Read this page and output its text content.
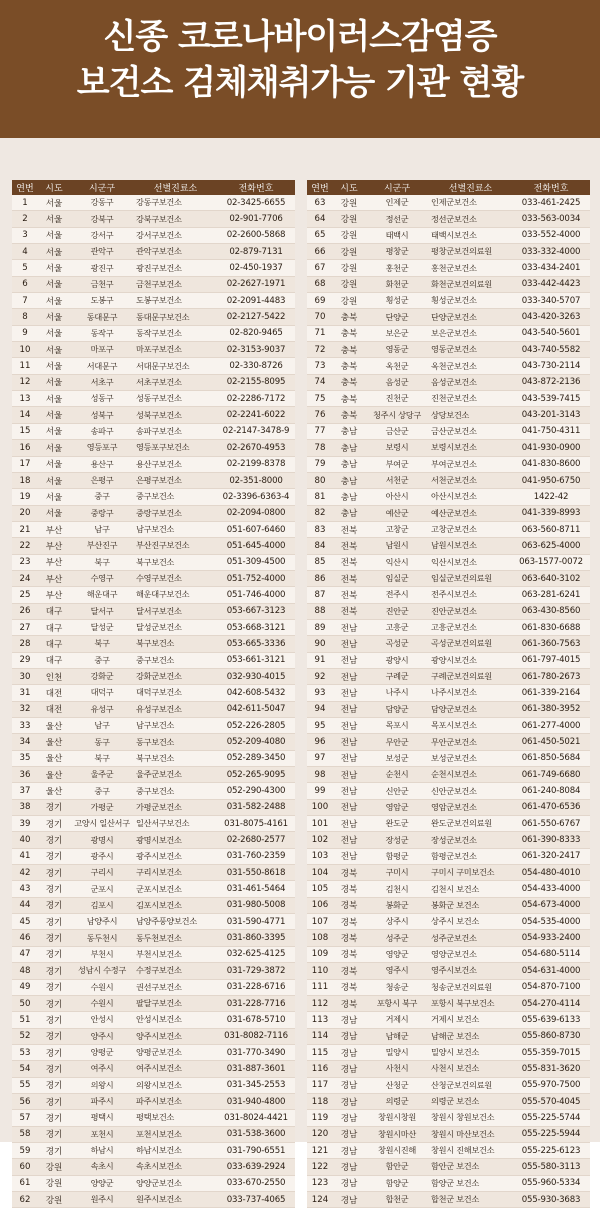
신종 코로나바이러스감염증
보건소 검체채취가능 기관 현황
연번	시도	시군구	선별진료소	전화번호
1	서울	강동구	강동구보건소	02-3425-6655
2	서울	강북구	강북구보건소	02-901-7706
3	서울	강서구	강서구보건소	02-2600-5868
4	서울	관악구	관악구보건소	02-879-7131
5	서울	광진구	광진구보건소	02-450-1937
6	서울	금천구	금천구보건소	02-2627-1971
7	서울	도봉구	도봉구보건소	02-2091-4483
8	서울	동대문구	동대문구보건소	02-2127-5422
9	서울	동작구	동작구보건소	02-820-9465
10	서울	마포구	마포구보건소	02-3153-9037
11	서울	서대문구	서대문구보건소	02-330-8726
12	서울	서초구	서초구보건소	02-2155-8095
13	서울	성동구	성동구보건소	02-2286-7172
14	서울	성북구	성북구보건소	02-2241-6022
15	서울	송파구	송파구보건소	02-2147-3478-9
16	서울	영등포구	영등포구보건소	02-2670-4953
17	서울	용산구	용산구보건소	02-2199-8378
18	서울	은평구	은평구보건소	02-351-8000
19	서울	중구	중구보건소	02-3396-6363-4
20	서울	중랑구	중랑구보건소	02-2094-0800
21	부산	남구	남구보건소	051-607-6460
22	부산	부산진구	부산진구보건소	051-645-4000
23	부산	북구	북구보건소	051-309-4500
24	부산	수영구	수영구보건소	051-752-4000
25	부산	해운대구	해운대구보건소	051-746-4000
26	대구	달서구	달서구보건소	053-667-3123
27	대구	달성군	달성군보건소	053-668-3121
28	대구	북구	북구보건소	053-665-3336
29	대구	중구	중구보건소	053-661-3121
30	인천	강화군	강화군보건소	032-930-4015
31	대전	대덕구	대덕구보건소	042-608-5432
32	대전	유성구	유성구보건소	042-611-5047
33	울산	남구	남구보건소	052-226-2805
34	울산	동구	동구보건소	052-209-4080
35	울산	북구	북구보건소	052-289-3450
36	울산	울주군	울주군보건소	052-265-9095
37	울산	중구	중구보건소	052-290-4300
38	경기	가평군	가평군보건소	031-582-2488
39	경기	고양시 일산서구	일산서구보건소	031-8075-4161
40	경기	광명시	광명시보건소	02-2680-2577
41	경기	광주시	광주시보건소	031-760-2359
42	경기	구리시	구리시보건소	031-550-8618
43	경기	군포시	군포시보건소	031-461-5464
44	경기	김포시	김포시보건소	031-980-5008
45	경기	남양주시	남양주풍양보건소	031-590-4771
46	경기	동두천시	동두천보건소	031-860-3395
47	경기	부천시	부천시보건소	032-625-4125
48	경기	성남시 수정구	수정구보건소	031-729-3872
49	경기	수원시	권선구보건소	031-228-6716
50	경기	수원시	팔달구보건소	031-228-7716
51	경기	안성시	안성시보건소	031-678-5710
52	경기	양주시	양주시보건소	031-8082-7116
53	경기	양평군	양평군보건소	031-770-3490
54	경기	여주시	여주시보건소	031-887-3601
55	경기	의왕시	의왕시보건소	031-345-2553
56	경기	파주시	파주시보건소	031-940-4800
57	경기	평택시	평택보건소	031-8024-4421
58	경기	포천시	포천시보건소	031-538-3600
59	경기	하남시	하남시보건소	031-790-6551
60	강원	속초시	속초시보건소	033-639-2924
61	강원	양양군	양양군보건소	033-670-2550
62	강원	원주시	원주시보건소	033-737-4065
연번	시도	시군구	선별진료소	전화번호
63	강원	인제군	인제군보건소	033-461-2425
64	강원	정선군	정선군보건소	033-563-0034
65	강원	태백시	태백시보건소	033-552-4000
66	강원	평창군	평창군보건의료원	033-332-4000
67	강원	홍천군	홍천군보건소	033-434-2401
68	강원	화천군	화천군보건의료원	033-442-4423
69	강원	횡성군	횡성군보건소	033-340-5707
70	충북	단양군	단양군보건소	043-420-3263
71	충북	보은군	보은군보건소	043-540-5601
72	충북	영동군	영동군보건소	043-740-5582
73	충북	옥천군	옥천군보건소	043-730-2114
74	충북	음성군	음성군보건소	043-872-2136
75	충북	진천군	진천군보건소	043-539-7415
76	충북	청주시 상당구	상당보건소	043-201-3143
77	충남	금산군	금산군보건소	041-750-4311
78	충남	보령시	보령시보건소	041-930-0900
79	충남	부여군	부여군보건소	041-830-8600
80	충남	서천군	서천군보건소	041-950-6750
81	충남	아산시	아산시보건소	1422-42
82	충남	예산군	예산군보건소	041-339-8993
83	전북	고창군	고창군보건소	063-560-8711
84	전북	남원시	남원시보건소	063-625-4000
85	전북	익산시	익산시보건소	063-1577-0072
86	전북	임실군	임실군보건의료원	063-640-3102
87	전북	전주시	전주시보건소	063-281-6241
88	전북	진안군	진안군보건소	063-430-8560
89	전남	고흥군	고흥군보건소	061-830-6688
90	전남	곡성군	곡성군보건의료원	061-360-7563
91	전남	광양시	광양시보건소	061-797-4015
92	전남	구례군	구례군보건의료원	061-780-2673
93	전남	나주시	나주시보건소	061-339-2164
94	전남	담양군	담양군보건소	061-380-3952
95	전남	목포시	목포시보건소	061-277-4000
96	전남	무안군	무안군보건소	061-450-5021
97	전남	보성군	보성군보건소	061-850-5684
98	전남	순천시	순천시보건소	061-749-6680
99	전남	신안군	신안군보건소	061-240-8084
100	전남	영암군	영암군보건소	061-470-6536
101	전남	완도군	완도군보건의료원	061-550-6767
102	전남	장성군	장성군보건소	061-390-8333
103	전남	함평군	함평군보건소	061-320-2417
104	경북	구미시	구미시 구미보건소	054-480-4010
105	경북	김천시	김천시 보건소	054-433-4000
106	경북	봉화군	봉화군 보건소	054-673-4000
107	경북	상주시	상주시 보건소	054-535-4000
108	경북	성주군	성주군보건소	054-933-2400
109	경북	영양군	영양군보건소	054-680-5114
110	경북	영주시	영주시보건소	054-631-4000
111	경북	청송군	청송군보건의료원	054-870-7100
112	경북	포항시 북구	포항시 북구보건소	054-270-4114
113	경남	거제시	거제시 보건소	055-639-6133
114	경남	남해군	남해군 보건소	055-860-8730
115	경남	밀양시	밀양시 보건소	055-359-7015
116	경남	사천시	사천시 보건소	055-831-3620
117	경남	산청군	산청군보건의료원	055-970-7500
118	경남	의령군	의령군 보건소	055-570-4045
119	경남	창원시창원	창원시 창원보건소	055-225-5744
120	경남	창원시마산	창원시 마산보건소	055-225-5944
121	경남	창원시진해	창원시 진해보건소	055-225-6123
122	경남	함안군	함안군 보건소	055-580-3113
123	경남	함양군	함양군 보건소	055-960-5334
124	경남	합천군	합천군 보건소	055-930-3683
